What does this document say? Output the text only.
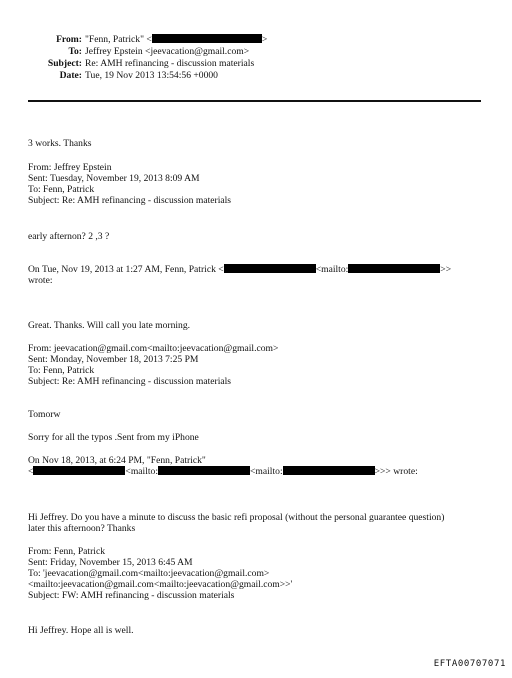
From: "Fenn, Patrick" <	>
To: Jeffrey Epstein <jeevacation@gmail.com>
Subject: Re: AMH refinancing - discussion materials
Date: Tue, 19 Nov 2013 13:54:56 +0000
3 works. Thanks
From: Jeffrey Epstein
Sent: Tuesday, November 19, 2013 8:09 AM
To: Fenn, Patrick
Subject: Re: AMH refinancing - discussion materials
early afternon? 2 ,3 ?
On Tue, Nov 19, 2013 at 1:27 AM, Fenn, Patrick <	<mailto:	>>
wrote:
Great. Thanks. Will call you late morning.
From: jeevacation@gmail.com<mailto:jeevacation@gmail.com>
Sent: Monday, November 18, 2013 7:25 PM
To: Fenn, Patrick
Subject: Re: AMH refinancing - discussion materials
Tomorw
Sorry for all the typos .Sent from my iPhone
On Nov 18, 2013, at 6:24 PM, "Fenn, Patrick"
<	<mailto:	<mailto:	>>> wrote:
Hi Jeffrey. Do you have a minute to discuss the basic refi proposal (without the personal guarantee question)
later this afternoon? Thanks
From: Fenn, Patrick
Sent: Friday, November 15, 2013 6:45 AM
To: 'jeevacation@gmail.com<mailto:jeevacation@gmail.com>
<mailto:jeevacation@gmail.com<mailto:jeevacation@gmail.com>>'
Subject: FW: AMH refinancing - discussion materials
Hi Jeffrey. Hope all is well.
EFTA00707071
